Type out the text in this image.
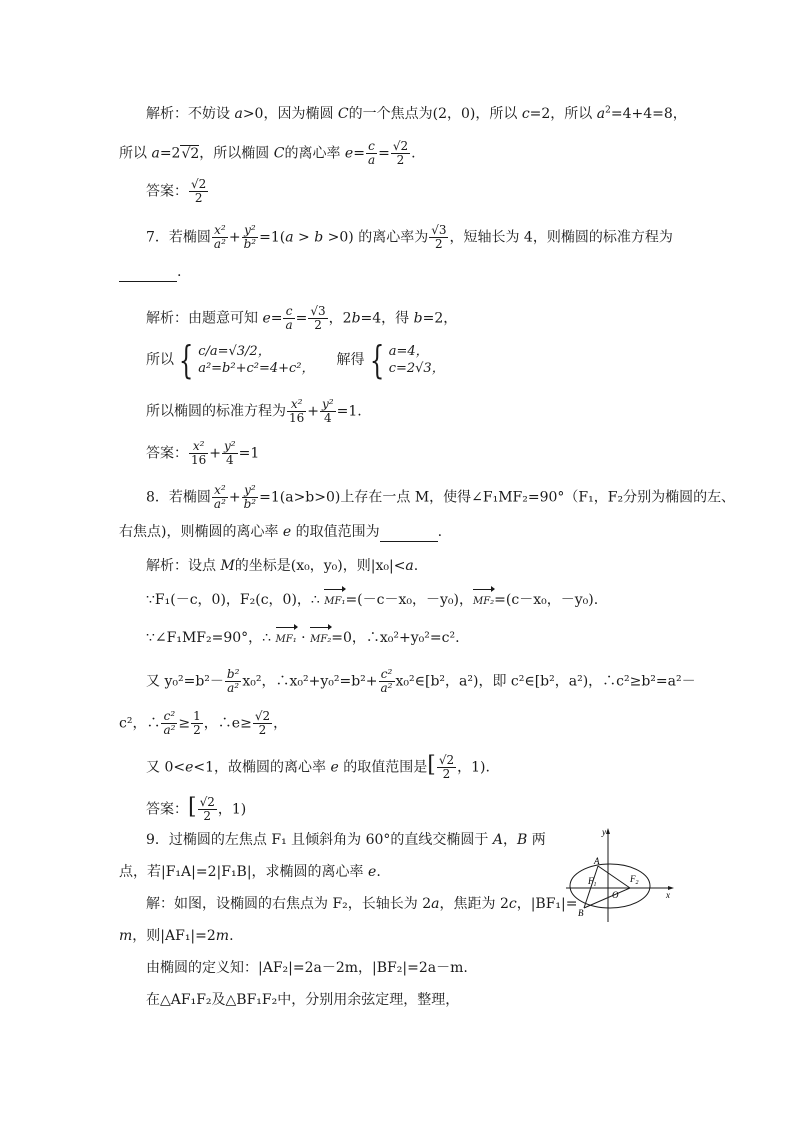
解析：不妨设 a>0，因为椭圆 C的一个焦点为(2，0)，所以 c=2，所以 $a^2=4+4=8$，
所以 a=2√2，所以椭圆 C的离心率 $e= \frac{c}{a} = \frac{√2}{2}$ .
答案： $\frac{√2}{2}$
7．若椭圆 $\frac{\text{x²}}{\text{a²}} + \frac{\text{y²}}{\text{b²}} =1(a > b >0)$ 的离心率为 $\frac{√3}{2}$ ，短轴长为 4，则椭圆的标准方程为
.
解析：由题意可知 $e= \frac{c}{a} = \frac{√3}{2}$ ，2b=4，得 b=2，
所以 { c/a=√3/2，
a²=b²+c²=4+c²，
解得 { a=4，
c=2√3，
所以椭圆的标准方程为 $\frac{\text{x²}}{16} + \frac{\text{y²}}{4} =1$.
答案： $\frac{\text{x²}}{16} + \frac{\text{y²}}{4} =1$
8．若椭圆 $\frac{\text{x²}}{\text{a²}} + \frac{\text{y²}}{\text{b²}} =1(a>b>0)$上存在一点 M，使得∠F₁MF₂=90°（F₁，F₂分别为椭圆的左、
右焦点)，则椭圆的离心率 e 的取值范围为	.
解析：设点 M的坐标是(x₀，y₀)，则|x₀|<a.
∵F₁(－c，0)，F₂(c，0)，∴ MF₁=(－c－x₀，－y₀)，MF₂=(c－x₀，－y₀).
∵∠F₁MF₂=90°，∴ MF₁ · MF₂=0，∴x₀²+y₀²=c².
又 $y_0^2=b^2- \frac{\text{b²}}{\text{a²}} x_0^2$，∴x₀²+y₀²=b²+ $\frac{\text{c²}}{\text{a²}}$ x₀²∈[b²，a²)，即 c²∈[b²，a²)，∴c²≥b²=a²－
c²，∴ $\frac{\text{c²}}{\text{a²}} \ge \frac{1}{2}$ ，∴e≥ $\frac{√2}{2}$ ，
又 0<e<1，故椭圆的离心率 e 的取值范围是[ $\frac{√2}{2}$ ，1).
答案：[ $\frac{√2}{2}$ ，1)
9．过椭圆的左焦点 F₁ 且倾斜角为 60°的直线交椭圆于 A，B 两
点，若|F₁A|=2|F₁B|，求椭圆的离心率 e.
解：如图，设椭圆的右焦点为 F₂，长轴长为 2a，焦距为 2c，|BF₁|=
m，则|AF₁|=2m.
由椭圆的定义知：|AF₂|=2a－2m，|BF₂|=2a－m.
在△AF₁F₂及△BF₁F₂中，分别用余弦定理，整理，
y
x
A
B
O
$F_1$
$F_2$
